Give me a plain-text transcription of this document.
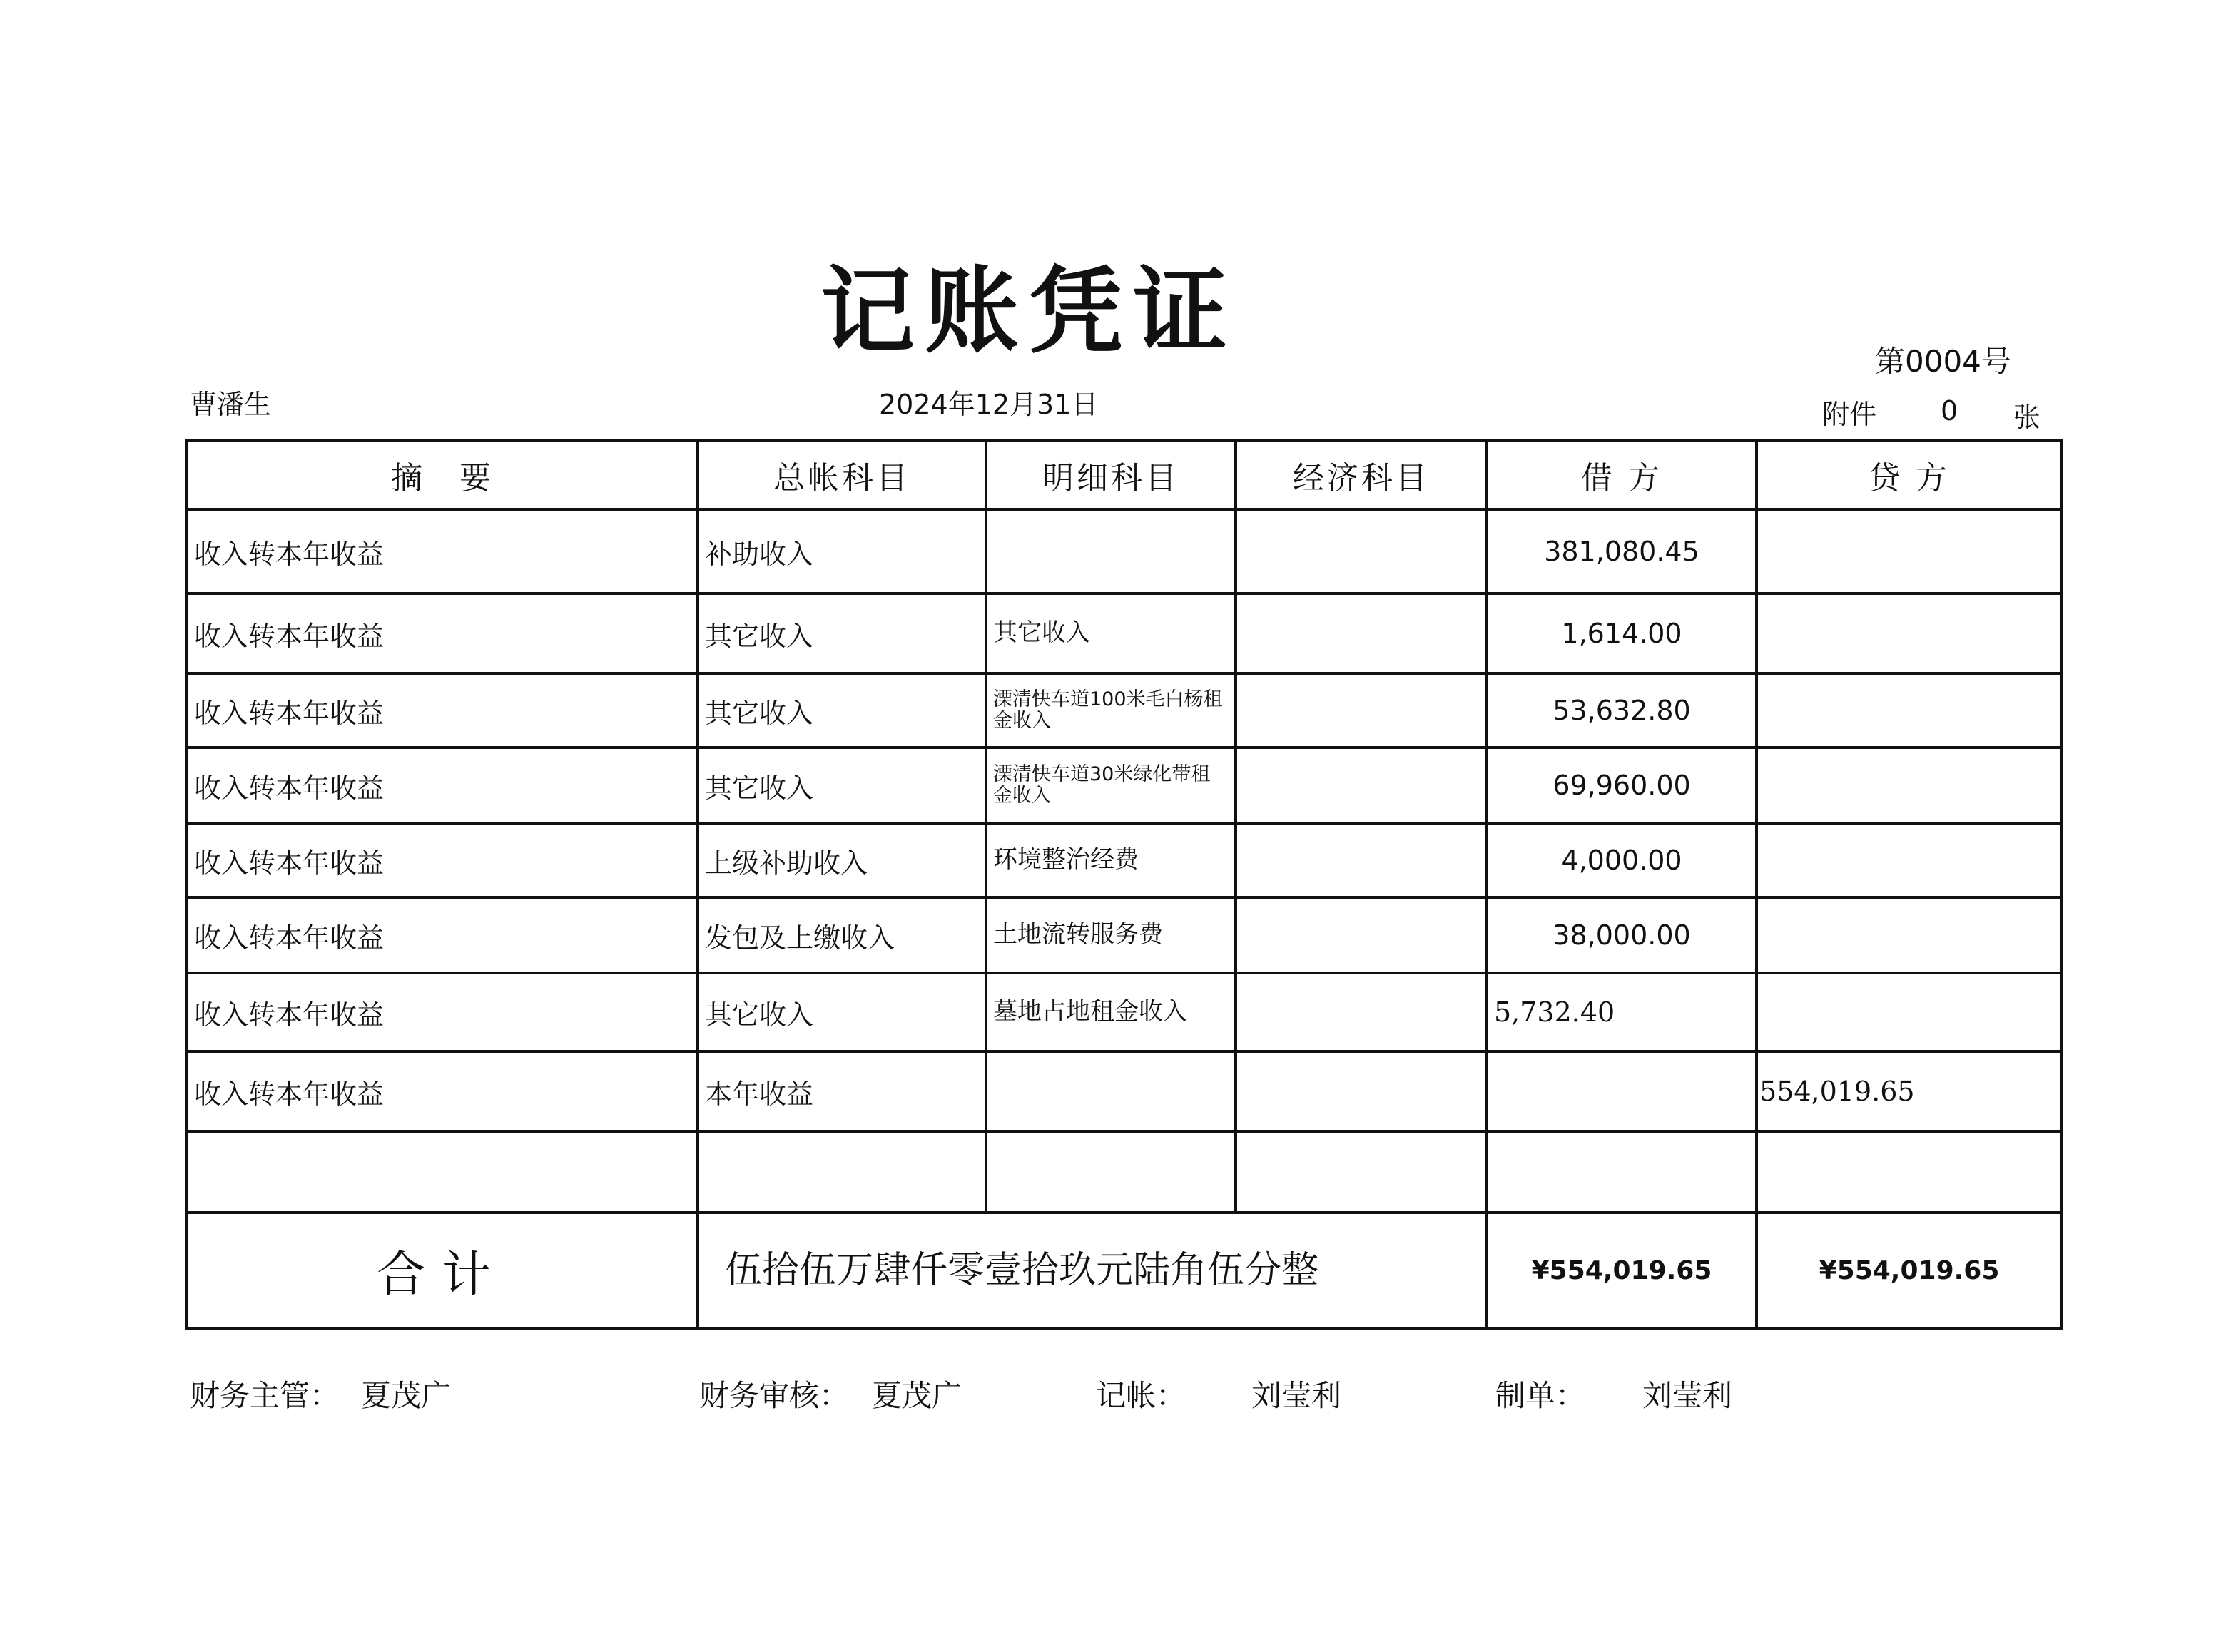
记账凭证	第0004号
曹潘生	2024年12月31日	附件 0 张
摘　要	总帐科目	明细科目	经济科目	借 方	贷 方
收入转本年收益	补助收入			381,080.45	
收入转本年收益	其它收入	其它收入		1,614.00	
收入转本年收益	其它收入	溧清快车道100米毛白杨租金收入		53,632.80	
收入转本年收益	其它收入	溧清快车道30米绿化带租金收入		69,960.00	
收入转本年收益	上级补助收入	环境整治经费		4,000.00	
收入转本年收益	发包及上缴收入	土地流转服务费		38,000.00	
收入转本年收益	其它收入	墓地占地租金收入		5,732.40	
收入转本年收益	本年收益				554,019.65

合计	伍拾伍万肆仟零壹拾玖元陆角伍分整			¥554,019.65	¥554,019.65
财务主管： 夏茂广	财务审核： 夏茂广	记帐： 刘莹利	制单： 刘莹利
